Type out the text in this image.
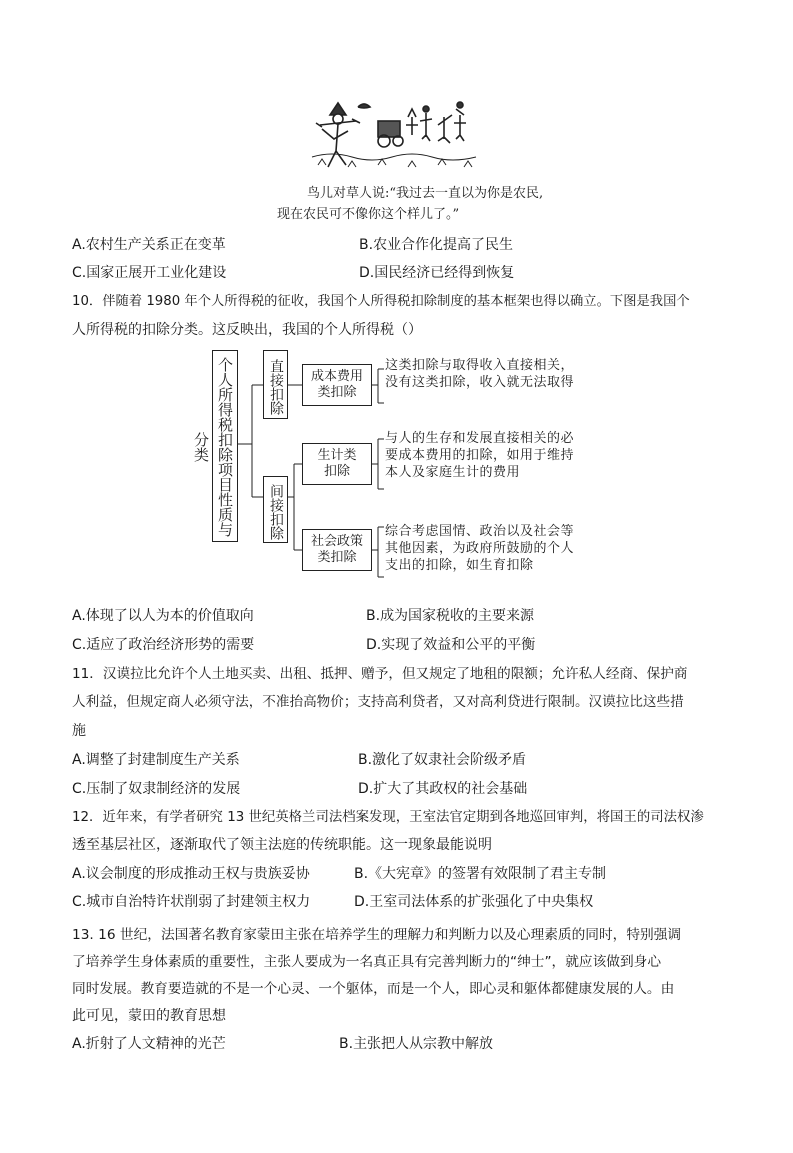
鸟儿对草人说:“我过去一直以为你是农民,
现在农民可不像你这个样儿了。”
A.农村生产关系正在变革	B.农业合作化提高了民生
C.国家正展开工业化建设	D.国民经济已经得到恢复
10．伴随着 1980 年个人所得税的征收，我国个人所得税扣除制度的基本框架也得以确立。下图是我国个
人所得税的扣除分类。这反映出，我国的个人所得税（）
个人所得税扣除项目性质与分类
直接扣除
间接扣除
成本费用
类扣除
生计类
扣除
社会政策
类扣除
这类扣除与取得收入直接相关，没有这类扣除，收入就无法取得
与人的生存和发展直接相关的必要成本费用的扣除，如用于维持本人及家庭生计的费用
综合考虑国情、政治以及社会等其他因素，为政府所鼓励的个人支出的扣除，如生育扣除
A.体现了以人为本的价值取向	B.成为国家税收的主要来源
C.适应了政治经济形势的需要	D.实现了效益和公平的平衡
11．汉谟拉比允许个人土地买卖、出租、抵押、赠予，但又规定了地租的限额；允许私人经商、保护商
人利益，但规定商人必须守法，不准抬高物价；支持高利贷者，又对高利贷进行限制。汉谟拉比这些措
施
A.调整了封建制度生产关系	B.激化了奴隶社会阶级矛盾
C.压制了奴隶制经济的发展	D.扩大了其政权的社会基础
12．近年来，有学者研究 13 世纪英格兰司法档案发现，王室法官定期到各地巡回审判，将国王的司法权渗
透至基层社区，逐渐取代了领主法庭的传统职能。这一现象最能说明
A.议会制度的形成推动王权与贵族妥协	B.《大宪章》的签署有效限制了君主专制
C.城市自治特许状削弱了封建领主权力	D.王室司法体系的扩张强化了中央集权
13. 16 世纪，法国著名教育家蒙田主张在培养学生的理解力和判断力以及心理素质的同时，特别强调
了培养学生身体素质的重要性，主张人要成为一名真正具有完善判断力的“绅士”，就应该做到身心
同时发展。教育要造就的不是一个心灵、一个躯体，而是一个人，即心灵和躯体都健康发展的人。由
此可见，蒙田的教育思想
A.折射了人文精神的光芒	B.主张把人从宗教中解放
